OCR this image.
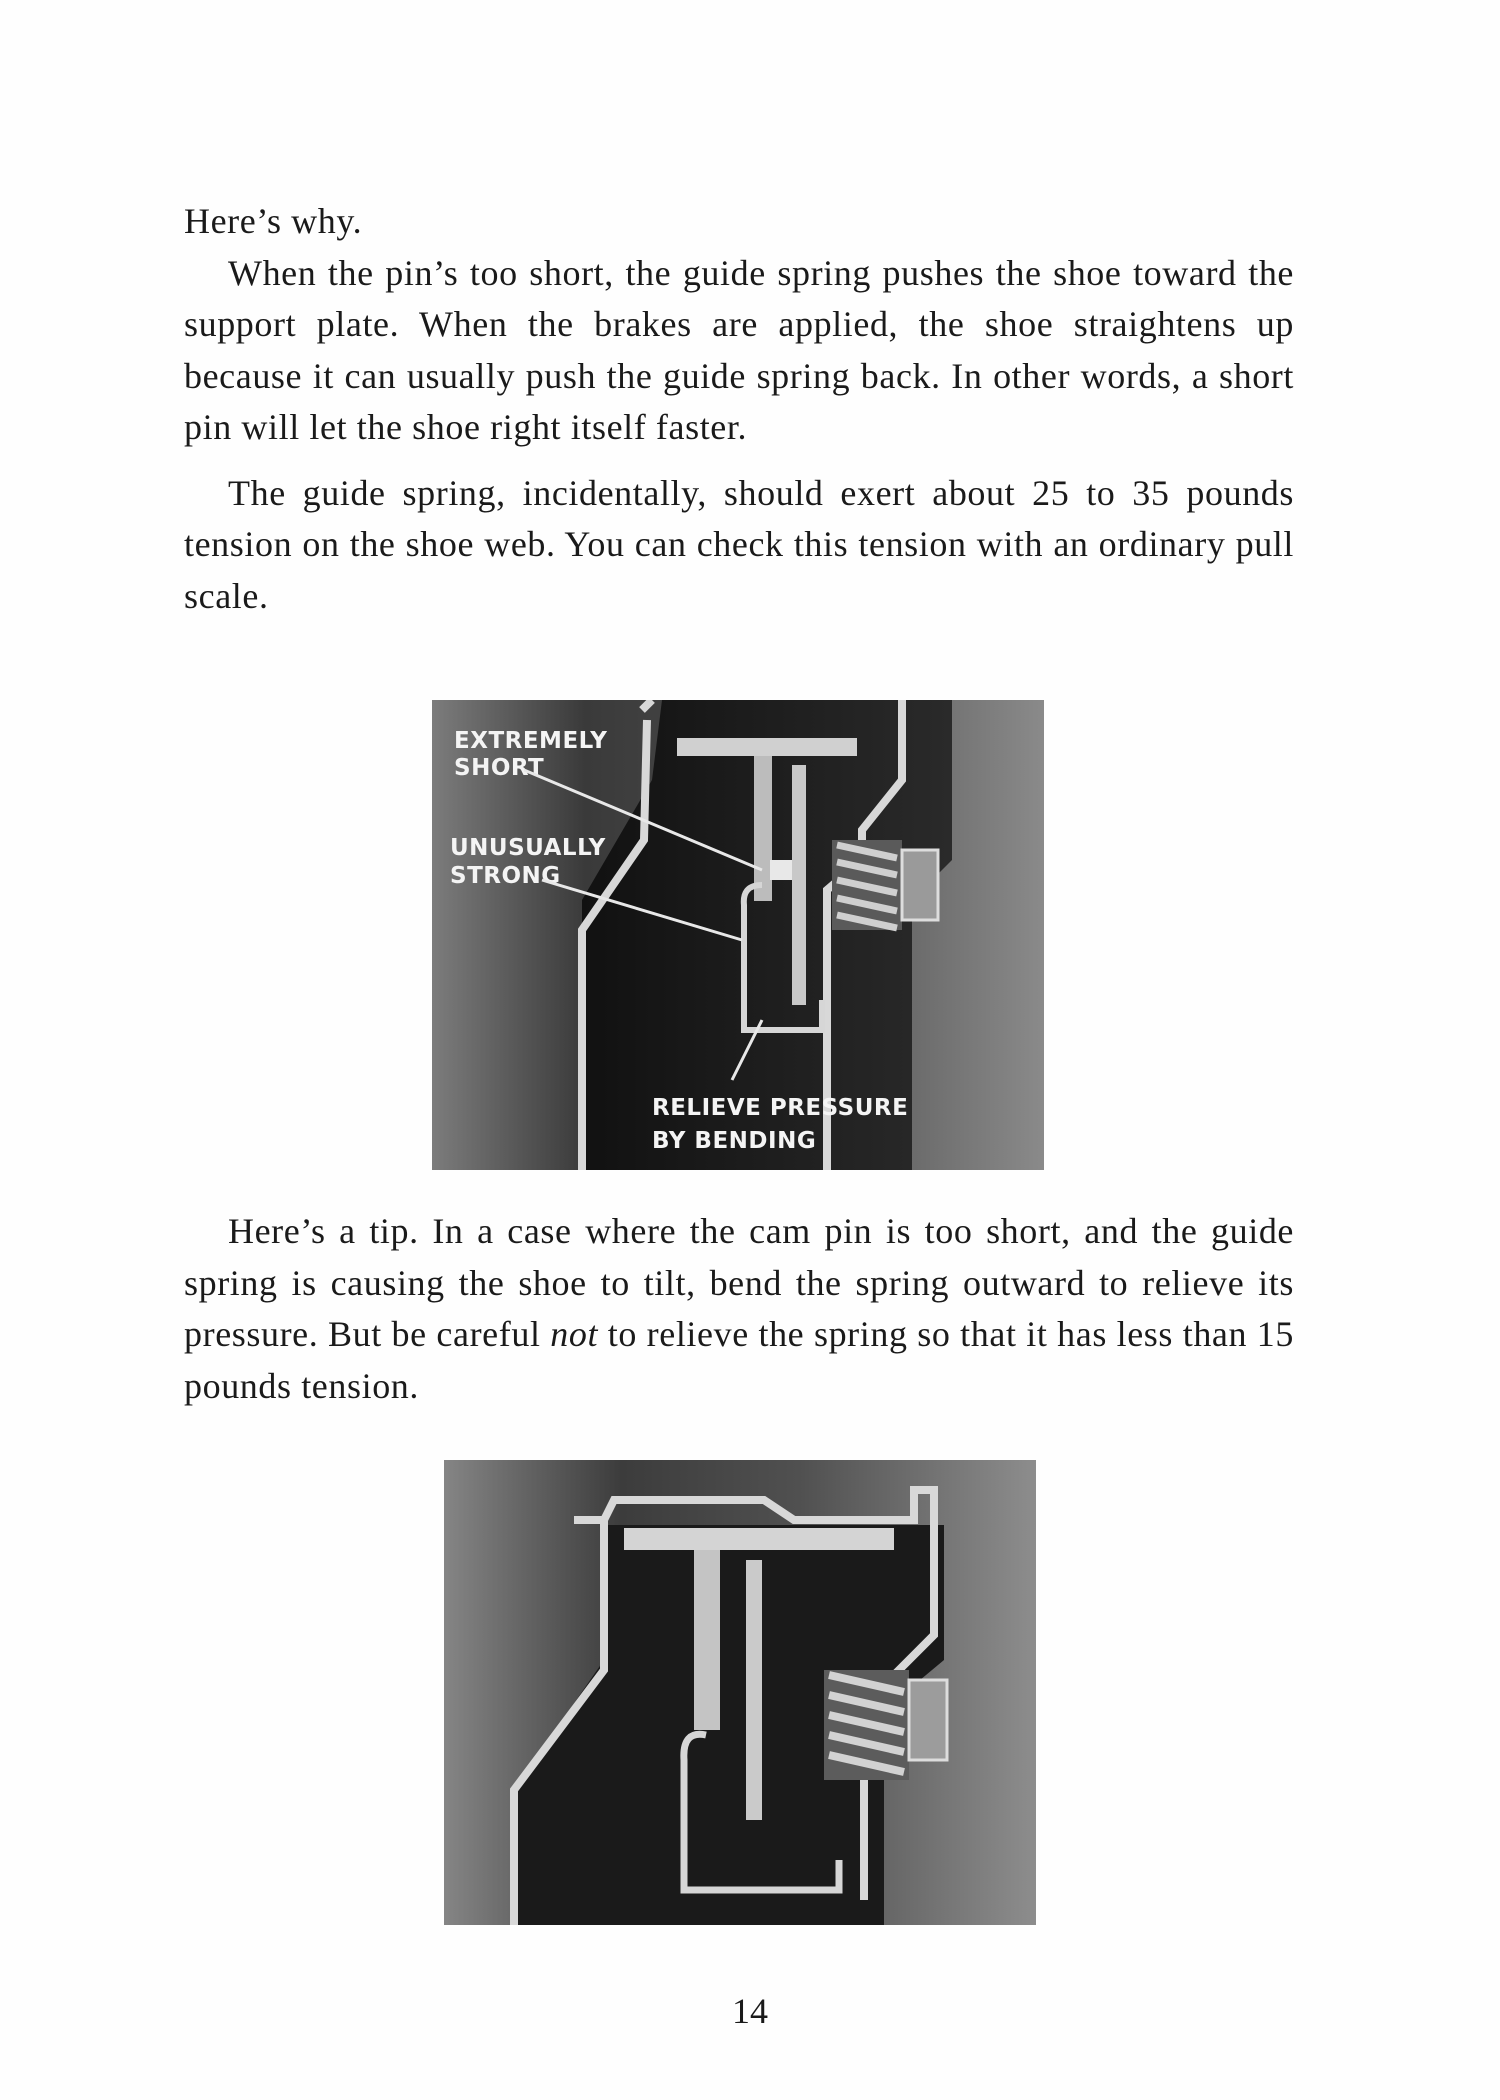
Here’s why.

When the pin’s too short, the guide spring pushes the shoe toward the support plate. When the brakes are applied, the shoe straightens up because it can usually push the guide spring back. In other words, a short pin will let the shoe right itself faster.

The guide spring, incidentally, should exert about 25 to 35 pounds tension on the shoe web. You can check this tension with an ordinary pull scale.

EXTREMELY
SHORT
UNUSUALLY
STRONG
RELIEVE PRESSURE
BY BENDING

Here’s a tip. In a case where the cam pin is too short, and the guide spring is causing the shoe to tilt, bend the spring outward to relieve its pressure. But be careful not to relieve the spring so that it has less than 15 pounds tension.

14
